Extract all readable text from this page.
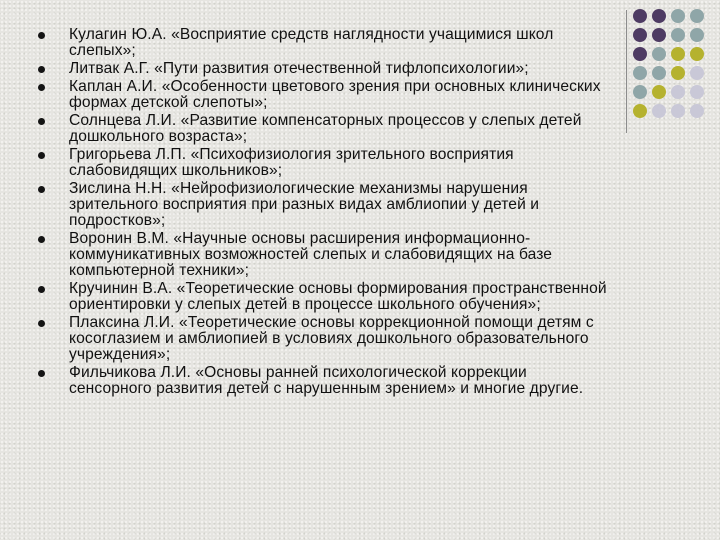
Кулагин Ю.А. «Восприятие средств наглядности учащимися школ слепых»;
Литвак А.Г. «Пути развития отечественной тифлопсихологии»;
Каплан А.И. «Особенности цветового зрения при основных клинических формах детской слепоты»;
Солнцева Л.И. «Развитие компенсаторных процессов у слепых детей дошкольного возраста»;
Григорьева Л.П. «Психофизиология зрительного восприятия слабовидящих школьников»;
Зислина Н.Н. «Нейрофизиологические механизмы нарушения зрительного восприятия при разных видах амблиопии у детей и подростков»;
Воронин В.М. «Научные основы расширения информационно-коммуникативных возможностей слепых и слабовидящих на базе компьютерной техники»;
Кручинин В.А. «Теоретические основы формирования пространственной ориентировки у слепых детей в процессе школьного обучения»;
Плаксина Л.И. «Теоретические основы коррекционной помощи детям с косоглазием и амблиопией в условиях дошкольного образовательного учреждения»;
Фильчикова Л.И. «Основы ранней психологической коррекции сенсорного развития детей с нарушенным зрением» и многие другие.
